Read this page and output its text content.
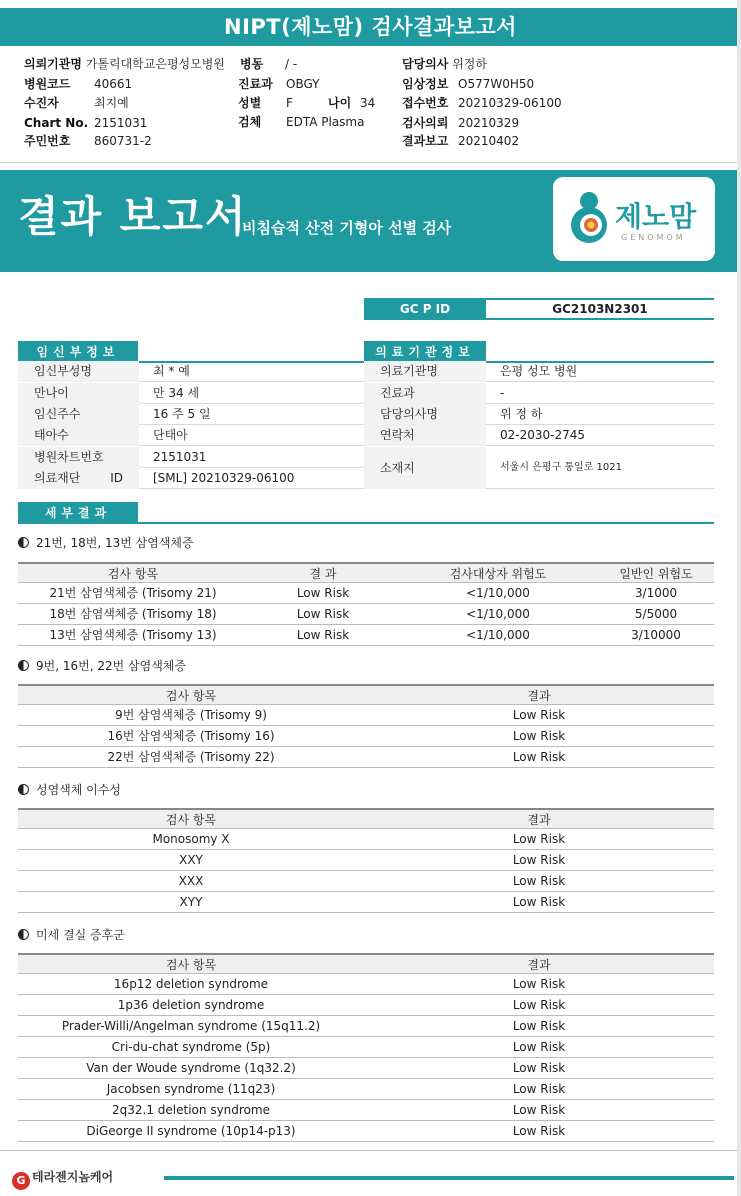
NIPT(제노맘) 검사결과보고서
의뢰기관명 가톨릭대학교은평성모병원 병동 / -	담당의사 위정하
병원코드 40661	진료과 OBGY	임상정보 O577W0H50
수진자	최지예	성별 F	나이 34 접수번호 20210329-06100
Chart No. 2151031	검체 EDTA Plasma	검사의뢰 20210329
주민번호 860731-2	결과보고 20210402
결과 보고서
비침습적 산전 기형아 선별 검사	제노맘
GENOMOM
GC P ID	GC2103N2301
임신부정보
임신부성명	최 * 예
만나이	만 34 세
임신주수	16 주 5 일
태아수	단태아
병원차트번호	2151031
의료재단 ID	[SML] 20210329-06100
의료기관정보
의료기관명	은평 성모 병원
진료과	-
담당의사명	위 정 하
연락처	02-2030-2745
소재지	서울시 은평구 통일로 1021
세부결과
21번, 18번, 13번 삼염색체증
검사 항목	결 과	검사대상자 위험도	일반인 위험도
21번 삼염색체증 (Trisomy 21)	Low Risk	<1/10,000	3/1000
18번 삼염색체증 (Trisomy 18)	Low Risk	<1/10,000	5/5000
13번 삼염색체증 (Trisomy 13)	Low Risk	<1/10,000	3/10000
9번, 16번, 22번 삼염색체증
검사 항목	결과
9번 삼염색체증 (Trisomy 9)	Low Risk
16번 삼염색체증 (Trisomy 16)	Low Risk
22번 삼염색체증 (Trisomy 22)	Low Risk
성염색체 이수성
검사 항목	결과
Monosomy X	Low Risk
XXY	Low Risk
XXX	Low Risk
XYY	Low Risk
미세 결실 증후군
검사 항목	결과
16p12 deletion syndrome	Low Risk
1p36 deletion syndrome	Low Risk
Prader-Willi/Angelman syndrome (15q11.2)	Low Risk
Cri-du-chat syndrome (5p)	Low Risk
Van der Woude syndrome (1q32.2)	Low Risk
Jacobsen syndrome (11q23)	Low Risk
2q32.1 deletion syndrome	Low Risk
DiGeorge II syndrome (10p14-p13)	Low Risk
G 테라젠지놈케어
